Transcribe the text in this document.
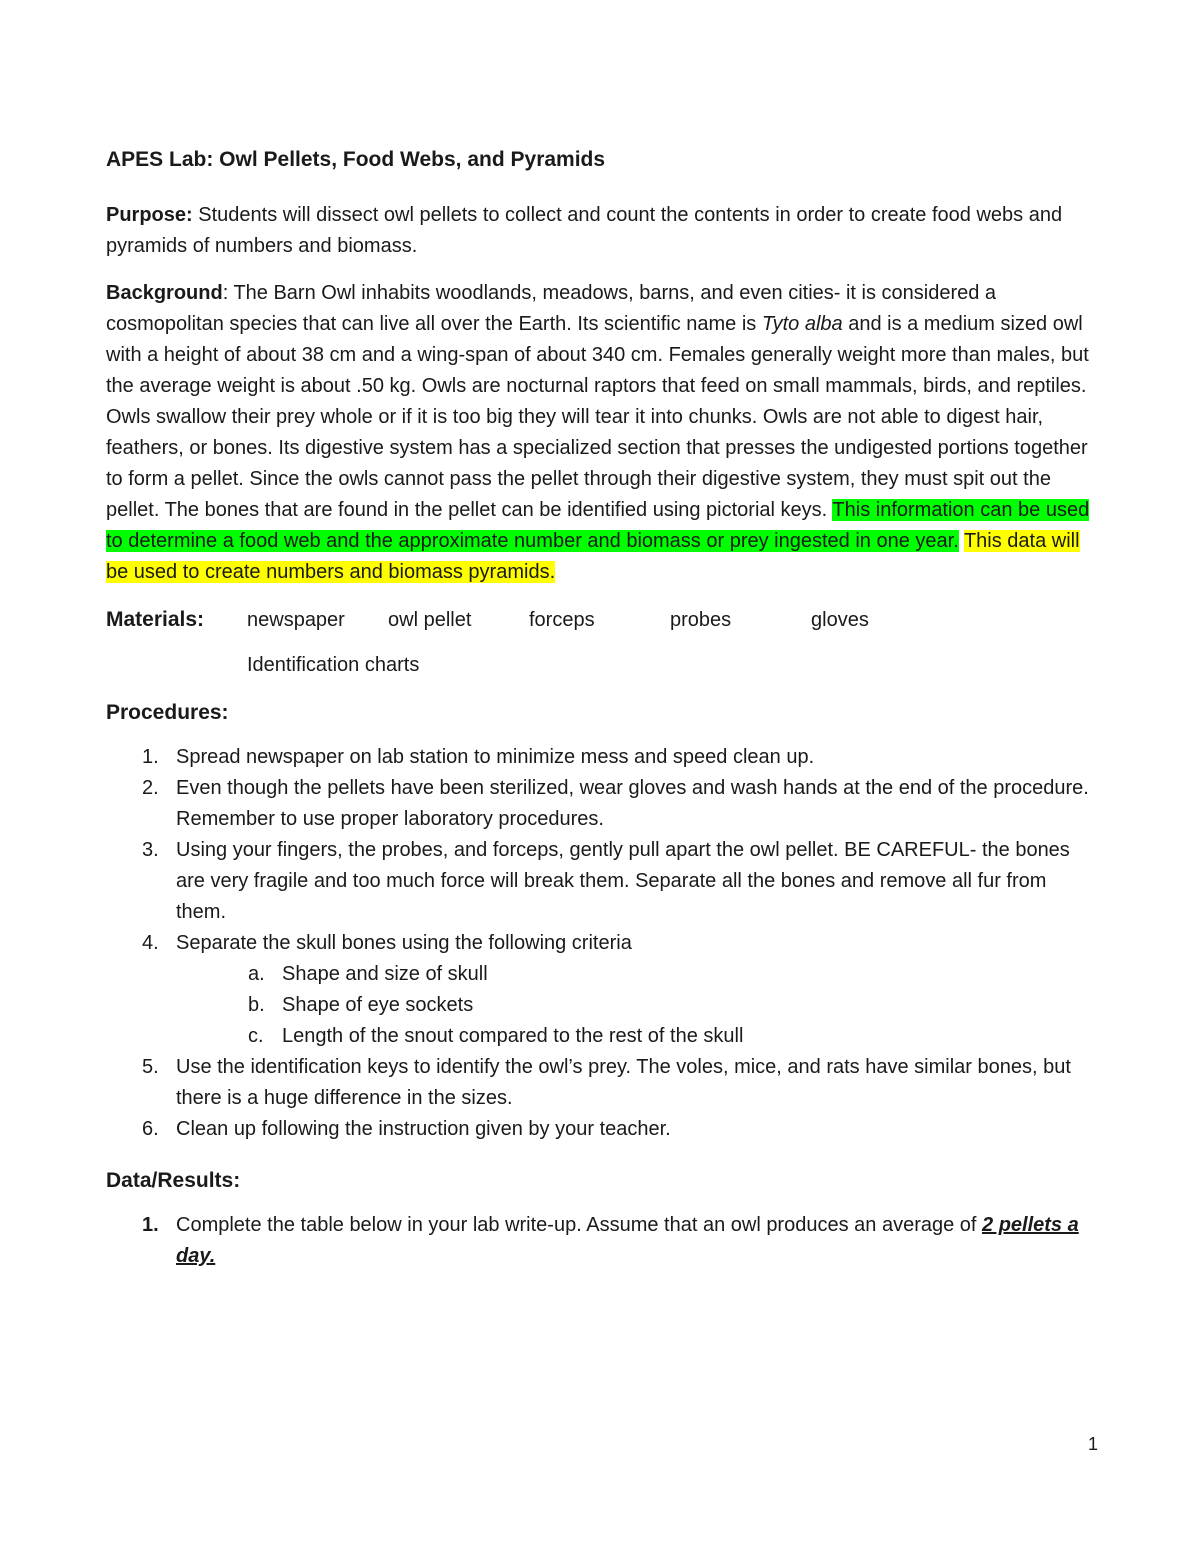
APES Lab: Owl Pellets, Food Webs, and Pyramids

Purpose: Students will dissect owl pellets to collect and count the contents in order to create food webs and pyramids of numbers and biomass.

Background: The Barn Owl inhabits woodlands, meadows, barns, and even cities- it is considered a cosmopolitan species that can live all over the Earth. Its scientific name is Tyto alba and is a medium sized owl with a height of about 38 cm and a wing-span of about 340 cm. Females generally weight more than males, but the average weight is about .50 kg. Owls are nocturnal raptors that feed on small mammals, birds, and reptiles. Owls swallow their prey whole or if it is too big they will tear it into chunks. Owls are not able to digest hair, feathers, or bones. Its digestive system has a specialized section that presses the undigested portions together to form a pellet. Since the owls cannot pass the pellet through their digestive system, they must spit out the pellet. The bones that are found in the pellet can be identified using pictorial keys. This information can be used to determine a food web and the approximate number and biomass or prey ingested in one year. This data will be used to create numbers and biomass pyramids.

Materials:	newspaper	owl pellet	forceps	probes	gloves
Identification charts
Procedures:
1. Spread newspaper on lab station to minimize mess and speed clean up.
2. Even though the pellets have been sterilized, wear gloves and wash hands at the end of the procedure. Remember to use proper laboratory procedures.
3. Using your fingers, the probes, and forceps, gently pull apart the owl pellet. BE CAREFUL- the bones are very fragile and too much force will break them. Separate all the bones and remove all fur from them.
4. Separate the skull bones using the following criteria
a. Shape and size of skull
b. Shape of eye sockets
c. Length of the snout compared to the rest of the skull
5. Use the identification keys to identify the owl’s prey. The voles, mice, and rats have similar bones, but there is a huge difference in the sizes.
6. Clean up following the instruction given by your teacher.
Data/Results:
1. Complete the table below in your lab write-up. Assume that an owl produces an average of 2 pellets a day.
1
